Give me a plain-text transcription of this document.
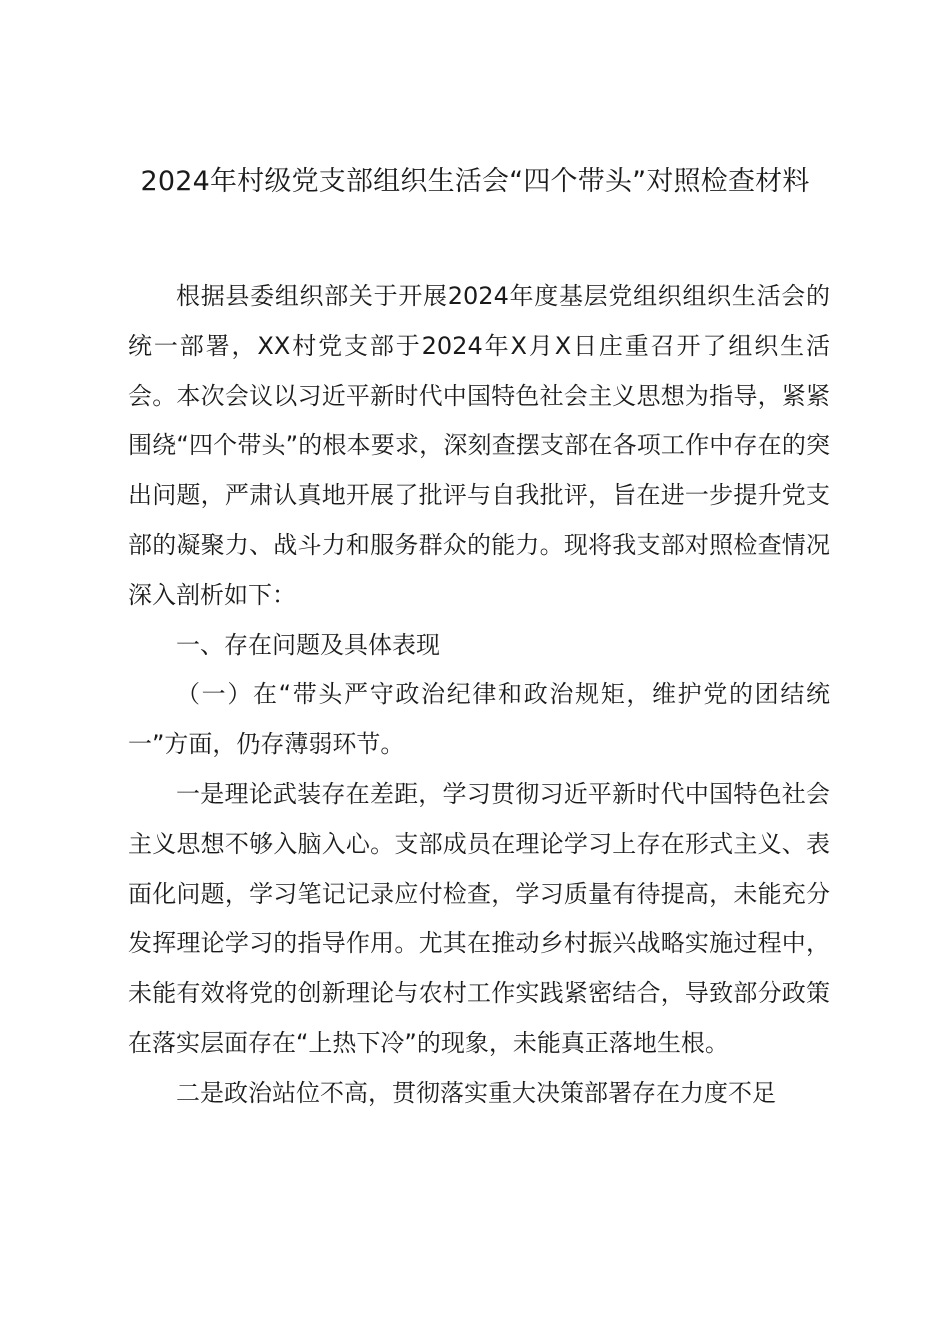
2024年村级党支部组织生活会“四个带头”对照检查材料

根据县委组织部关于开展2024年度基层党组织组织生活会的统一部署，XX村党支部于2024年X月X日庄重召开了组织生活会。本次会议以习近平新时代中国特色社会主义思想为指导，紧紧围绕“四个带头”的根本要求，深刻查摆支部在各项工作中存在的突出问题，严肃认真地开展了批评与自我批评，旨在进一步提升党支部的凝聚力、战斗力和服务群众的能力。现将我支部对照检查情况深入剖析如下：

一、存在问题及具体表现

（一）在“带头严守政治纪律和政治规矩，维护党的团结统一”方面，仍存薄弱环节。

一是理论武装存在差距，学习贯彻习近平新时代中国特色社会主义思想不够入脑入心。支部成员在理论学习上存在形式主义、表面化问题，学习笔记记录应付检查，学习质量有待提高，未能充分发挥理论学习的指导作用。尤其在推动乡村振兴战略实施过程中，未能有效将党的创新理论与农村工作实践紧密结合，导致部分政策在落实层面存在“上热下冷”的现象，未能真正落地生根。

二是政治站位不高，贯彻落实重大决策部署存在力度不足
